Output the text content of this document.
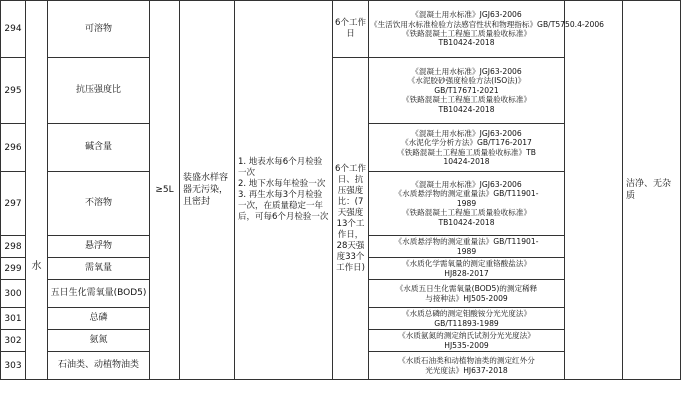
294	水	可溶物	≥5L	装盛水样容器无污染，且密封	1. 地表水每6个月检验一次
2. 地下水每年检验一次
3. 再生水每3个月检验一次，在质量稳定一年后，可每6个月检验一次	6个工作日	《混凝土用水标准》JGJ63-2006
《生活饮用水标准检验方法感官性状和物理指标》GB/T5750.4-2006
《铁路混凝土工程施工质量验收标准》
TB10424-2018		洁净、无杂质
295		抗压强度比				6个工作日、抗压强度比：(7天强度13个工作日，28天强度33个工作日)	《混凝土用水标准》JGJ63-2006
《水泥胶砂强度检验方法(ISO法)》
GB/T17671-2021
《铁路混凝土工程施工质量验收标准》
TB10424-2018		

296		碱含量					《混凝土用水标准》JGJ63-2006
《水泥化学分析方法》GB/T176-2017
《铁路混凝土工程施工质量验收标准》TB
10424-2018		

297		不溶物					《混凝土用水标准》JGJ63-2006
《水质悬浮物的测定重量法》GB/T11901-
1989
《铁路混凝土工程施工质量验收标准》
TB10424-2018		

298		悬浮物					《水质悬浮物的测定重量法》GB/T11901-
1989		

299		需氧量					《水质化学需氧量的测定重铬酸盐法》
HJ828-2017		

300		五日生化需氧量(BOD5)					《水质五日生化需氧量(BOD5)的测定稀释
与接种法》HJ505-2009		

301		总磷					《水质总磷的测定钼酸铵分光光度法》
GB/T11893-1989		

302		氨氮					《水质氨氮的测定纳氏试剂分光光度法》
HJ535-2009		

303		石油类、动植物油类					《水质石油类和动植物油类的测定红外分
光光度法》HJ637-2018		
